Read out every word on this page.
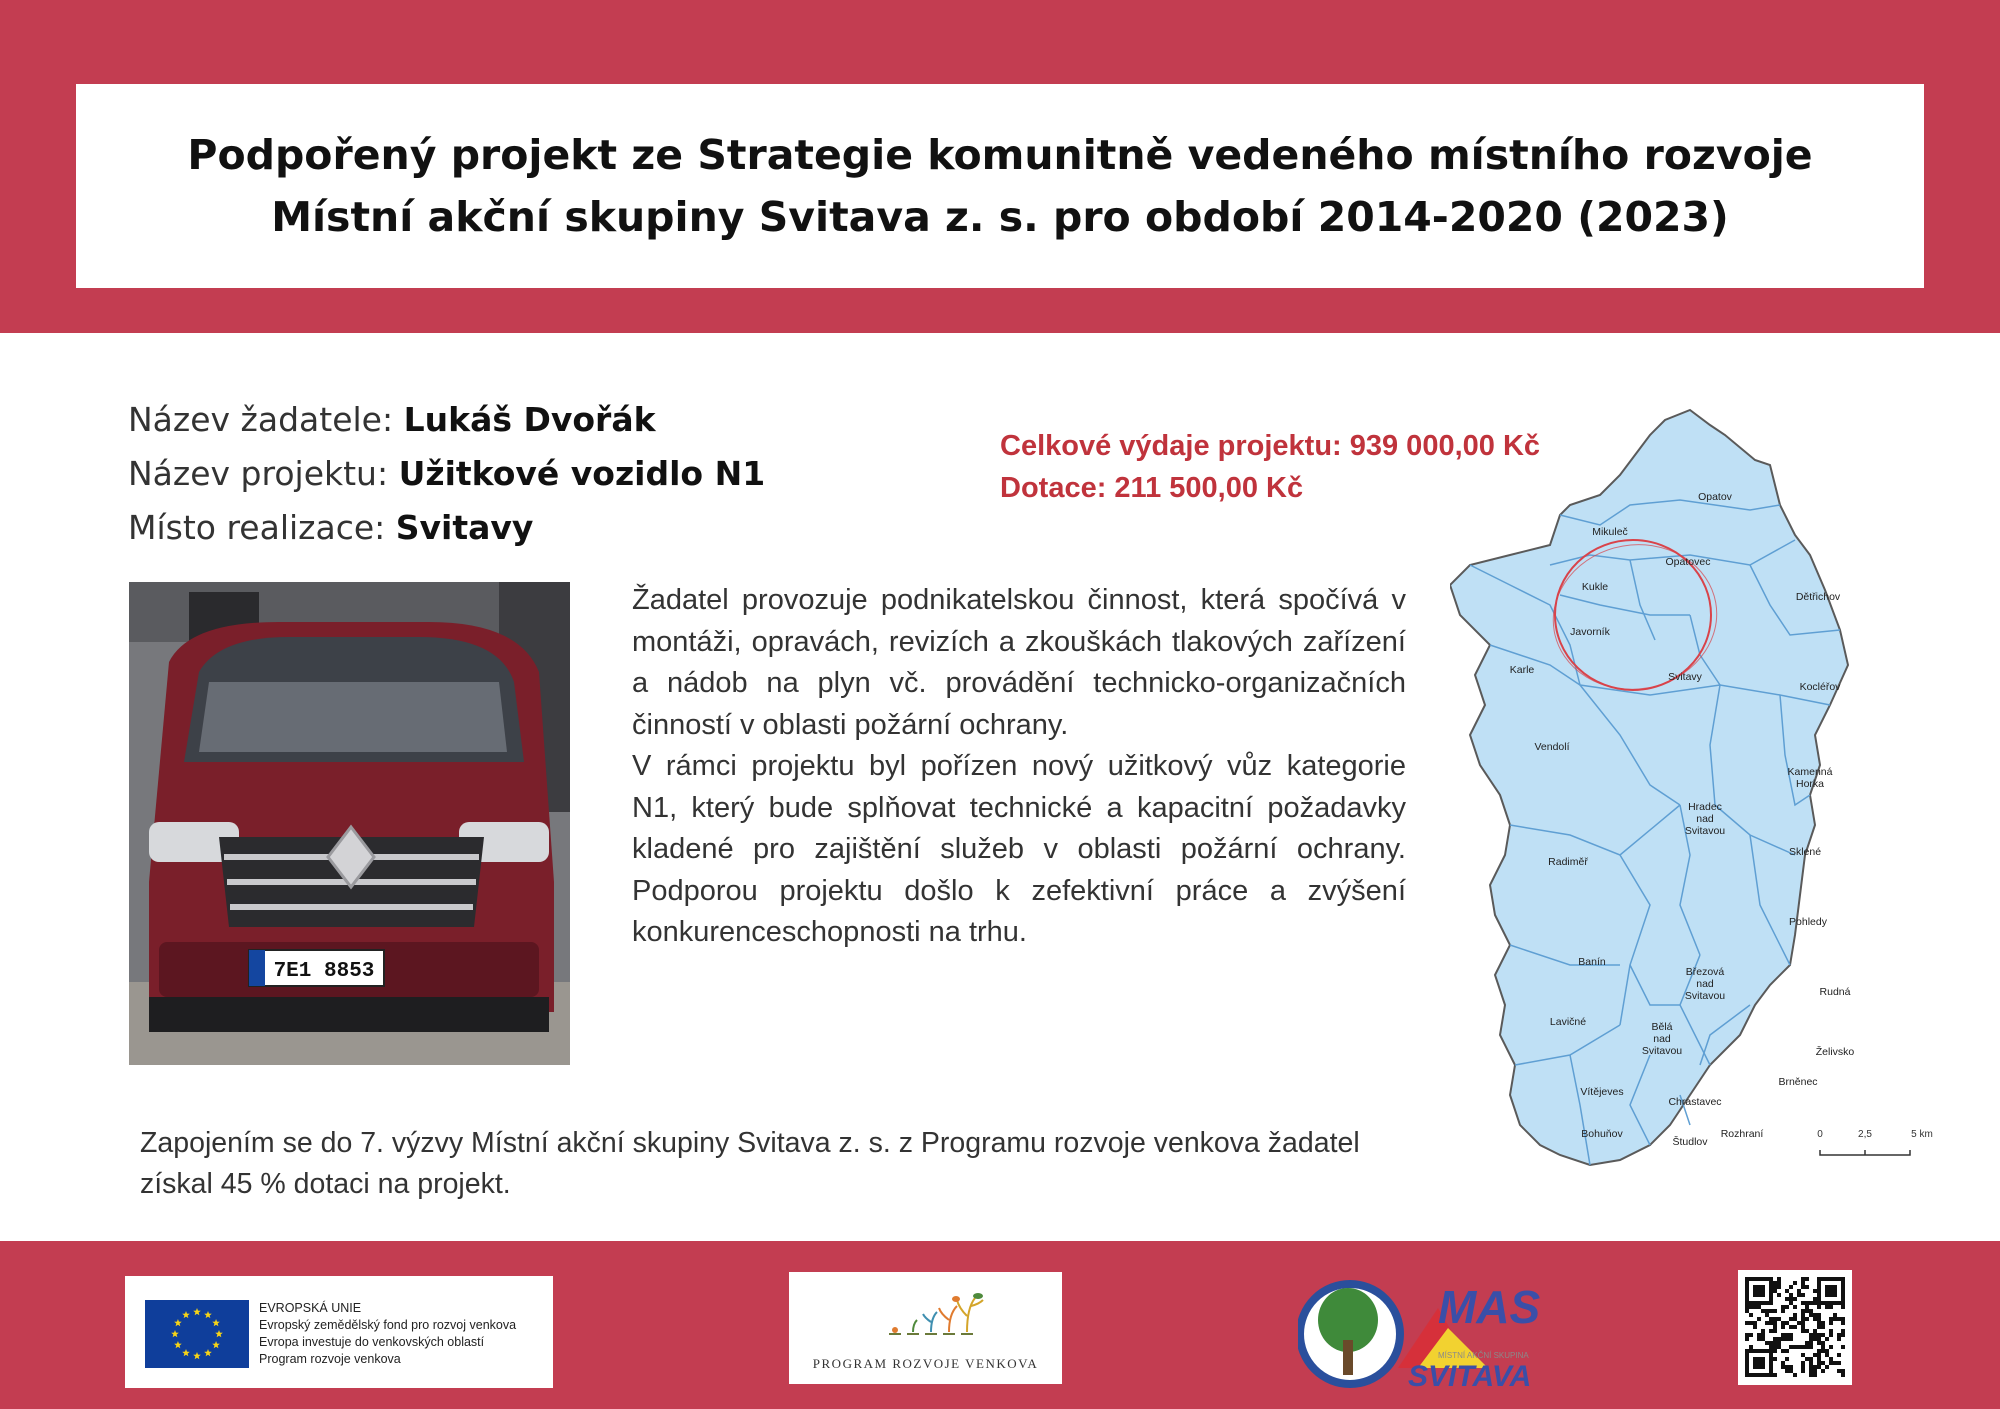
Podpořený projekt ze Strategie komunitně vedeného místního rozvoje
Místní akční skupiny Svitava z. s. pro období 2014-2020 (2023)
Název žadatele: Lukáš Dvořák
Název projektu: Užitkové vozidlo N1
Místo realizace: Svitavy
Celkové výdaje projektu: 939 000,00 Kč
Dotace: 211 500,00 Kč
7E1 8853

Žadatel provozuje podnikatelskou činnost, která spočívá v montáži, opravách, revizích a zkouškách tlakových zařízení a nádob na plyn vč. provádění technicko-organizačních činností v oblasti požární ochrany.

V rámci projektu byl pořízen nový užitkový vůz kategorie N1, který bude splňovat technické a kapacitní požadavky kladené pro zajištění služeb v oblasti požární ochrany. Podporou projektu došlo k zefektivní práce a zvýšení konkurenceschopnosti na trhu.

Zapojením se do 7. výzvy Místní akční skupiny Svitava z. s. z Programu rozvoje venkova žadatel získal 45 % dotaci na projekt.
Opatov
Mikuleč
Opatovec
Kukle
Dětřichov
Javorník
Karle
Svitavy
Kocléřov
Vendolí
Kamenná Horka
Hradec nad Svitavou
Sklené
Radiměř
Pohledy
Banín
Březová nad Svitavou	Rudná
Lavičné	Bělá nad Svitavou	Želivsko
Brněnec
Vítějeves
Chrastavec
Bohuňov
Študlov
Rozhraní	0	2,5	5 km
EVROPSKÁ UNIE
Evropský zemědělský fond pro rozvoj venkova
Evropa investuje do venkovských oblastí
Program rozvoje venkova	PROGRAM ROZVOJE VENKOVA
MAS
MÍSTNÍ AKČNÍ SKUPINA
SVITAVA
